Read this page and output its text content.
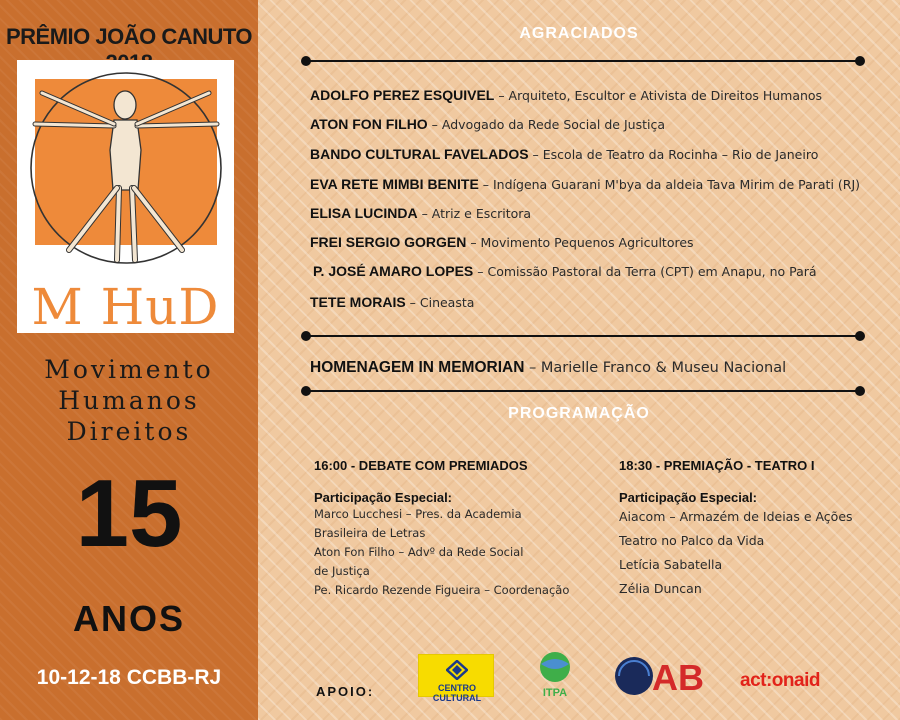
PRÊMIO JOÃO CANUTO
M HuD
Movimento
Humanos
Direitos
15
ANOS
10-12-18 CCBB-RJ
AGRACIADOS
ADOLFO PEREZ ESQUIVEL – Arquiteto, Escultor e Ativista de Direitos Humanos
ATON FON FILHO – Advogado da Rede Social de Justiça
BANDO CULTURAL FAVELADOS – Escola de Teatro da Rocinha – Rio de Janeiro
EVA RETE MIMBI BENITE – Indígena Guarani M'bya da aldeia Tava Mirim de Parati (RJ)
ELISA LUCINDA – Atriz e Escritora
FREI SERGIO GORGEN – Movimento Pequenos Agricultores
P. JOSÉ AMARO LOPES – Comissão Pastoral da Terra (CPT) em Anapu, no Pará
TETE MORAIS – Cineasta
HOMENAGEM IN MEMORIAN – Marielle Franco & Museu Nacional
PROGRAMAÇÃO
16:00 - DEBATE COM PREMIADOS
Participação Especial:
Marco Lucchesi – Pres. da Academia
Brasileira de Letras
Aton Fon Filho – Advº da Rede Social
de Justiça
Pe. Ricardo Rezende Figueira – Coordenação
18:30 - PREMIAÇÃO - TEATRO I
Participação Especial:
Aiacom – Armazém de Ideias e Ações
Teatro no Palco da Vida
Letícia Sabatella
Zélia Duncan
APOIO:	CENTRO CULTURAL	ITPA AB act:onaid
